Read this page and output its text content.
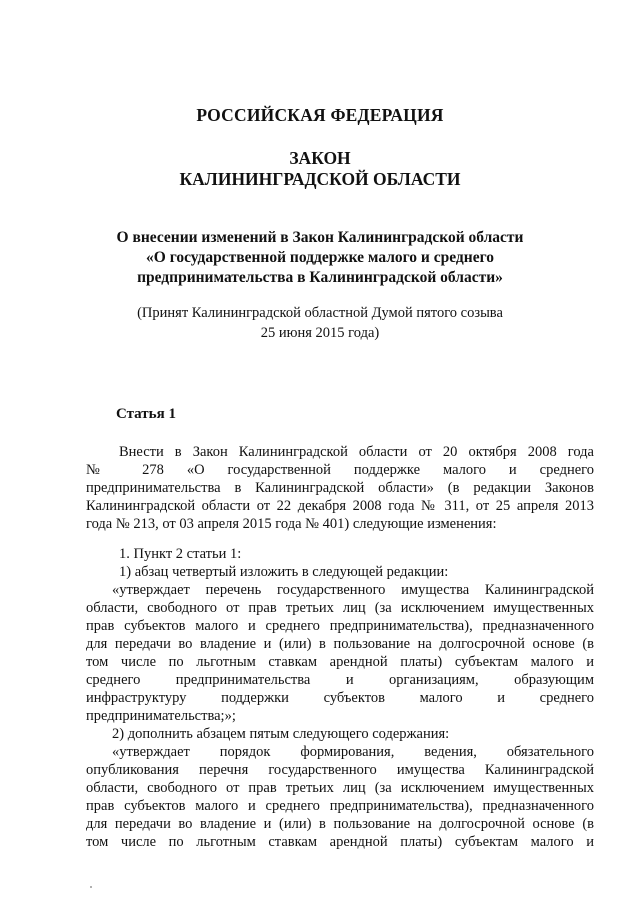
РОССИЙСКАЯ ФЕДЕРАЦИЯ
ЗАКОН
КАЛИНИНГРАДСКОЙ ОБЛАСТИ
О внесении изменений в Закон Калининградской области
«О государственной поддержке малого и среднего
предпринимательства в Калининградской области»
(Принят Калининградской областной Думой пятого созыва
25 июня 2015 года)
Статья 1
Внести в Закон Калининградской области от 20 октября 2008 года
№ 278 «О государственной поддержке малого и среднего
предпринимательства в Калининградской области» (в редакции Законов
Калининградской области от 22 декабря 2008 года № 311, от 25 апреля 2013
года № 213, от 03 апреля 2015 года № 401) следующие изменения:
1. Пункт 2 статьи 1:
1) абзац четвертый изложить в следующей редакции:
«утверждает перечень государственного имущества Калининградской
области, свободного от прав третьих лиц (за исключением имущественных
прав субъектов малого и среднего предпринимательства), предназначенного
для передачи во владение и (или) в пользование на долгосрочной основе (в
том числе по льготным ставкам арендной платы) субъектам малого и
среднего предпринимательства и организациям, образующим
инфраструктуру поддержки субъектов малого и среднего
предпринимательства;»;
2) дополнить абзацем пятым следующего содержания:
«утверждает порядок формирования, ведения, обязательного
опубликования перечня государственного имущества Калининградской
области, свободного от прав третьих лиц (за исключением имущественных
прав субъектов малого и среднего предпринимательства), предназначенного
для передачи во владение и (или) в пользование на долгосрочной основе (в
том числе по льготным ставкам арендной платы) субъектам малого и
